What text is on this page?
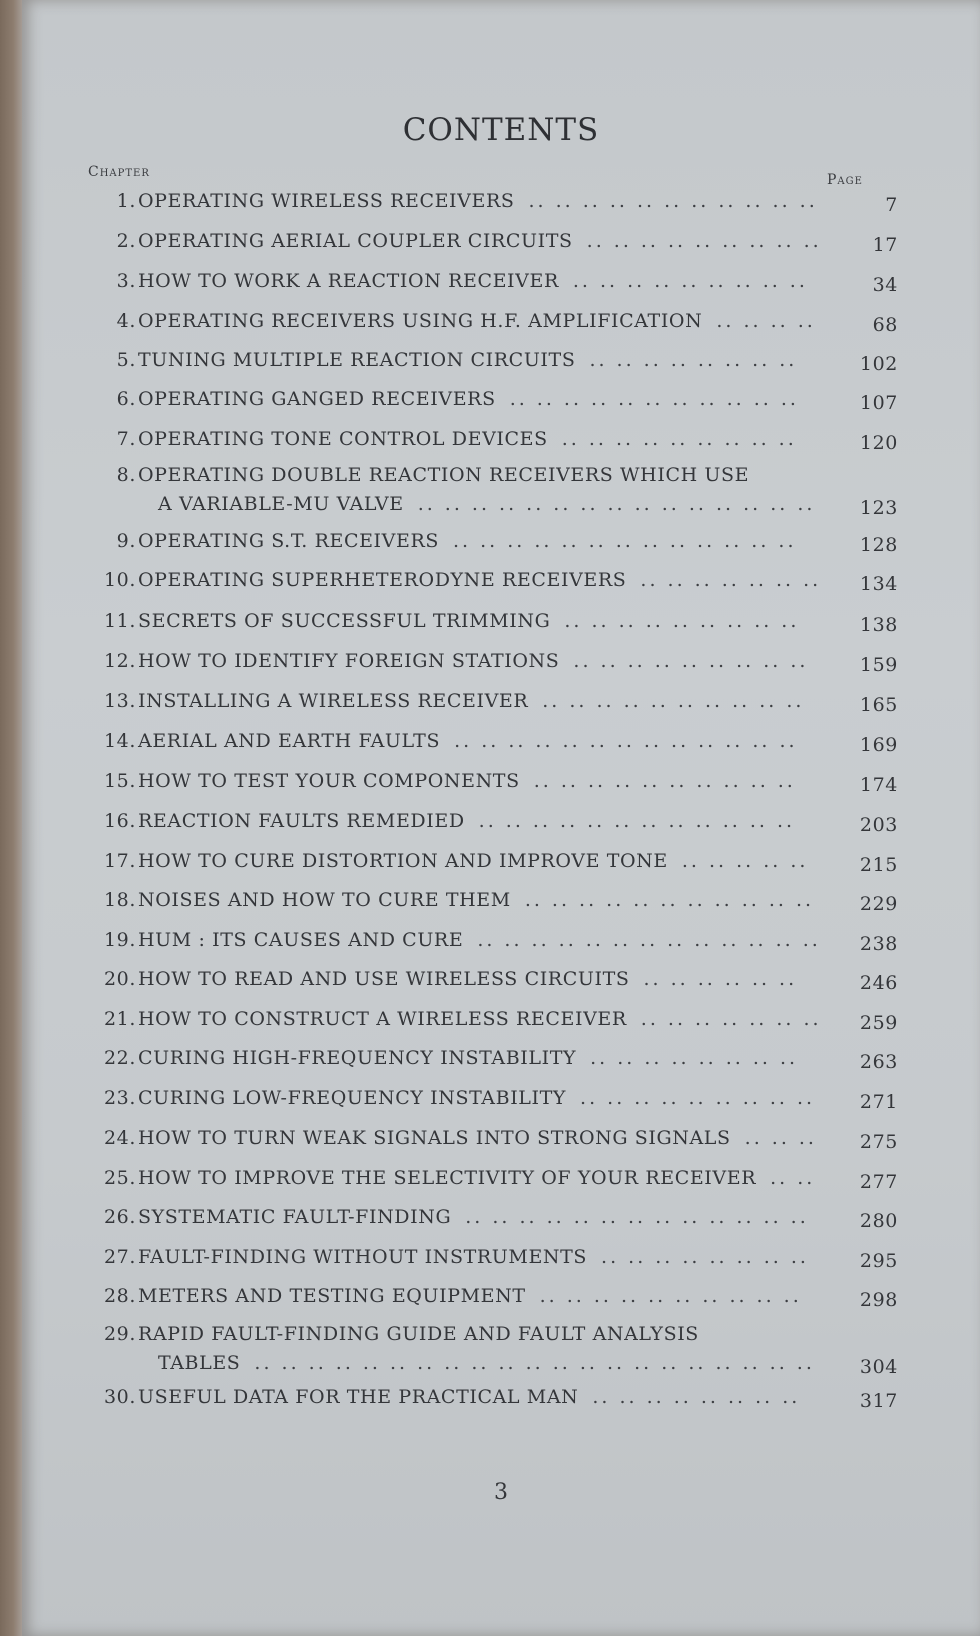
CONTENTS
Chapter	Page
1. OPERATING WIRELESS RECEIVERS .. .. .. .. .. .. .. .. .. .. ..	7
2. OPERATING AERIAL COUPLER CIRCUITS .. .. .. .. .. .. .. .. ..	17
3. HOW TO WORK A REACTION RECEIVER .. .. .. .. .. .. .. .. ..	34
4. OPERATING RECEIVERS USING H.F. AMPLIFICATION .. .. .. ..	68
5. TUNING MULTIPLE REACTION CIRCUITS .. .. .. .. .. .. .. ..	102
6. OPERATING GANGED RECEIVERS .. .. .. .. .. .. .. .. .. .. ..	107
7. OPERATING TONE CONTROL DEVICES .. .. .. .. .. .. .. .. ..	120
8. OPERATING DOUBLE REACTION RECEIVERS WHICH USE
A VARIABLE-MU VALVE .. .. .. .. .. .. .. .. .. .. .. .. .. .. ..	123
9. OPERATING S.T. RECEIVERS .. .. .. .. .. .. .. .. .. .. .. .. ..	128
10. OPERATING SUPERHETERODYNE RECEIVERS .. .. .. .. .. .. ..	134
11. SECRETS OF SUCCESSFUL TRIMMING .. .. .. .. .. .. .. .. ..	138
12. HOW TO IDENTIFY FOREIGN STATIONS .. .. .. .. .. .. .. .. ..	159
13. INSTALLING A WIRELESS RECEIVER .. .. .. .. .. .. .. .. .. ..	165
14. AERIAL AND EARTH FAULTS .. .. .. .. .. .. .. .. .. .. .. .. ..	169
15. HOW TO TEST YOUR COMPONENTS .. .. .. .. .. .. .. .. .. ..	174
16. REACTION FAULTS REMEDIED .. .. .. .. .. .. .. .. .. .. .. ..	203
17. HOW TO CURE DISTORTION AND IMPROVE TONE .. .. .. .. ..	215
18. NOISES AND HOW TO CURE THEM .. .. .. .. .. .. .. .. .. .. ..	229
19. HUM : ITS CAUSES AND CURE .. .. .. .. .. .. .. .. .. .. .. .. ..	238
20. HOW TO READ AND USE WIRELESS CIRCUITS .. .. .. .. .. ..	246
21. HOW TO CONSTRUCT A WIRELESS RECEIVER .. .. .. .. .. .. ..	259
22. CURING HIGH-FREQUENCY INSTABILITY .. .. .. .. .. .. .. ..	263
23. CURING LOW-FREQUENCY INSTABILITY .. .. .. .. .. .. .. .. ..	271
24. HOW TO TURN WEAK SIGNALS INTO STRONG SIGNALS .. .. ..	275
25. HOW TO IMPROVE THE SELECTIVITY OF YOUR RECEIVER .. ..	277
26. SYSTEMATIC FAULT-FINDING .. .. .. .. .. .. .. .. .. .. .. .. ..	280
27. FAULT-FINDING WITHOUT INSTRUMENTS .. .. .. .. .. .. .. ..	295
28. METERS AND TESTING EQUIPMENT .. .. .. .. .. .. .. .. .. ..	298
29. RAPID FAULT-FINDING GUIDE AND FAULT ANALYSIS
TABLES .. .. .. .. .. .. .. .. .. .. .. .. .. .. .. .. .. .. .. .. ..	304
30. USEFUL DATA FOR THE PRACTICAL MAN .. .. .. .. .. .. .. ..	317
3
